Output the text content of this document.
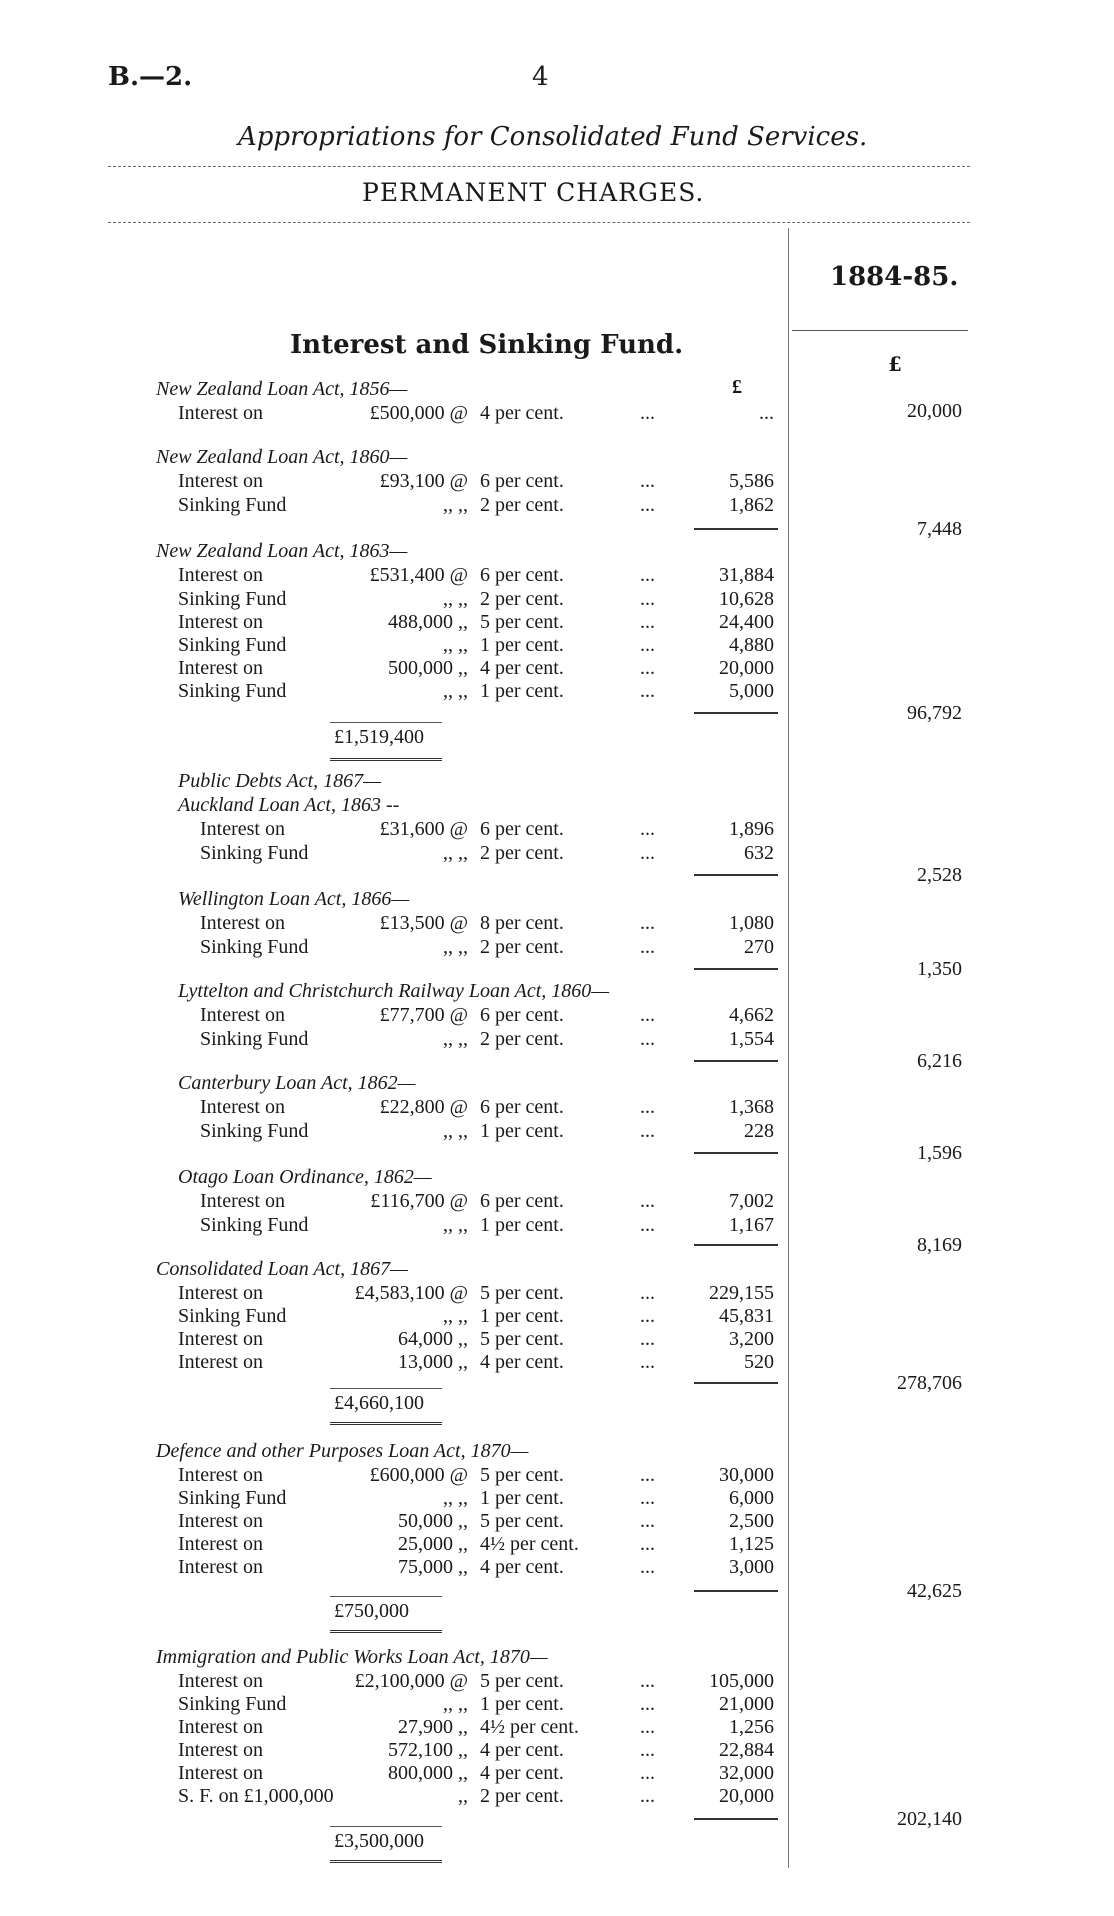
B.—2.	4
Appropriations for Consolidated Fund Services.
PERMANENT CHARGES.
1884-85.
£
Interest and Sinking Fund.
New Zealand Loan Act, 1856—	£
Interest on	£500,000 @ 4 per cent.	...	...	20,000
New Zealand Loan Act, 1860—
Interest on	£93,100 @ 6 per cent.	...	5,586
Sinking Fund	,, ,, 2 per cent.	...	1,862
7,448
New Zealand Loan Act, 1863—
Interest on	£531,400 @ 6 per cent.	...	31,884
Sinking Fund	,, ,, 2 per cent.	...	10,628
Interest on	488,000 ,, 5 per cent.	...	24,400
Sinking Fund	,, ,, 1 per cent.	...	4,880
Interest on	500,000 ,, 4 per cent.	...	20,000
Sinking Fund	,, ,, 1 per cent.	...	5,000
96,792
£1,519,400
Public Debts Act, 1867—
Auckland Loan Act, 1863 --
Interest on	£31,600 @ 6 per cent.	...	1,896
Sinking Fund	,, ,, 2 per cent.	...	632
2,528
Wellington Loan Act, 1866—
Interest on	£13,500 @ 8 per cent.	...	1,080
Sinking Fund	,, ,, 2 per cent.	...	270
1,350
Lyttelton and Christchurch Railway Loan Act, 1860—
Interest on	£77,700 @ 6 per cent.	...	4,662
Sinking Fund	,, ,, 2 per cent.	...	1,554
6,216
Canterbury Loan Act, 1862—
Interest on	£22,800 @ 6 per cent.	...	1,368
Sinking Fund	,, ,, 1 per cent.	...	228
1,596
Otago Loan Ordinance, 1862—
Interest on	£116,700 @ 6 per cent.	...	7,002
Sinking Fund	,, ,, 1 per cent.	...	1,167
8,169
Consolidated Loan Act, 1867—
Interest on	£4,583,100 @ 5 per cent.	...	229,155
Sinking Fund	,, ,, 1 per cent.	...	45,831
Interest on	64,000 ,, 5 per cent.	...	3,200
Interest on	13,000 ,, 4 per cent.	...	520
278,706
£4,660,100
Defence and other Purposes Loan Act, 1870—
Interest on	£600,000 @ 5 per cent.	...	30,000
Sinking Fund	,, ,, 1 per cent.	...	6,000
Interest on	50,000 ,, 5 per cent.	...	2,500
Interest on	25,000 ,, 4½ per cent.	...	1,125
Interest on	75,000 ,, 4 per cent.	...	3,000
42,625
£750,000
Immigration and Public Works Loan Act, 1870—
Interest on	£2,100,000 @ 5 per cent.	...	105,000
Sinking Fund	,, ,, 1 per cent.	...	21,000
Interest on	27,900 ,, 4½ per cent.	...	1,256
Interest on	572,100 ,, 4 per cent.	...	22,884
Interest on	800,000 ,, 4 per cent.	...	32,000
S. F. on £1,000,000	,, 2 per cent.	...	20,000
202,140
£3,500,000
